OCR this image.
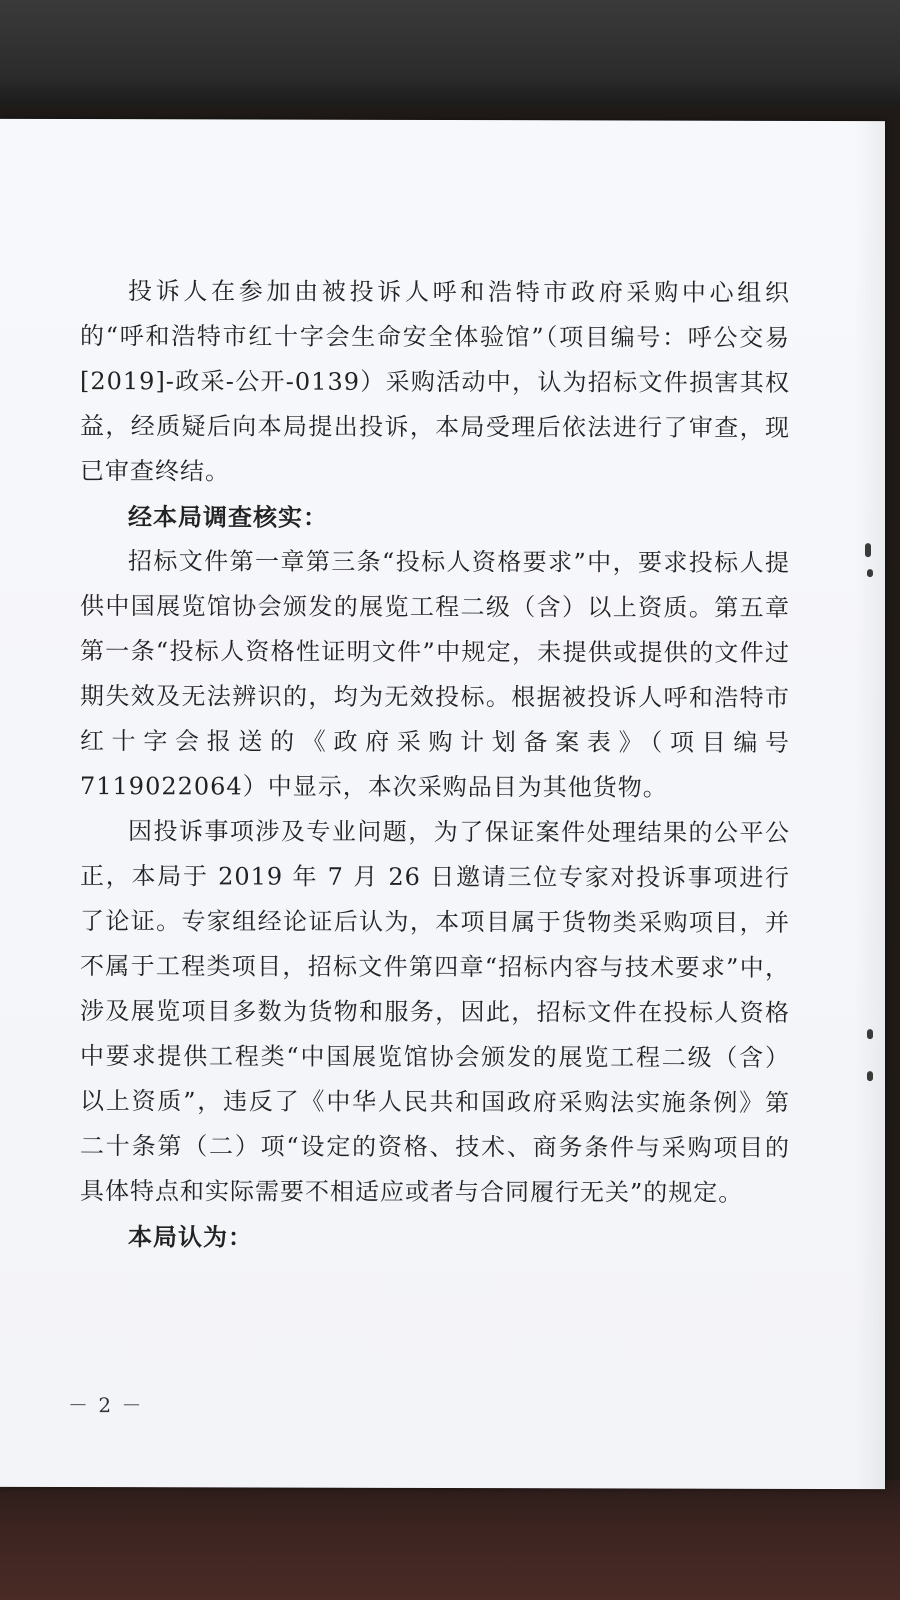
投诉人在参加由被投诉人呼和浩特市政府采购中心组织的“呼和浩特市红十字会生命安全体验馆”（项目编号：呼公交易[2019]-政采-公开-0139）采购活动中，认为招标文件损害其权益，经质疑后向本局提出投诉，本局受理后依法进行了审查，现已审查终结。

经本局调查核实：

招标文件第一章第三条“投标人资格要求”中，要求投标人提供中国展览馆协会颁发的展览工程二级（含）以上资质。第五章第一条“投标人资格性证明文件”中规定，未提供或提供的文件过期失效及无法辨识的，均为无效投标。根据被投诉人呼和浩特市红十字会报送的《政府采购计划备案表》（项目编号7119022064）中显示，本次采购品目为其他货物。

因投诉事项涉及专业问题，为了保证案件处理结果的公平公正，本局于 2019 年 7 月 26 日邀请三位专家对投诉事项进行了论证。专家组经论证后认为，本项目属于货物类采购项目，并不属于工程类项目，招标文件第四章“招标内容与技术要求”中，涉及展览项目多数为货物和服务，因此，招标文件在投标人资格中要求提供工程类“中国展览馆协会颁发的展览工程二级（含）以上资质”，违反了《中华人民共和国政府采购法实施条例》第二十条第（二）项“设定的资格、技术、商务条件与采购项目的具体特点和实际需要不相适应或者与合同履行无关”的规定。

本局认为：

－ 2 －
